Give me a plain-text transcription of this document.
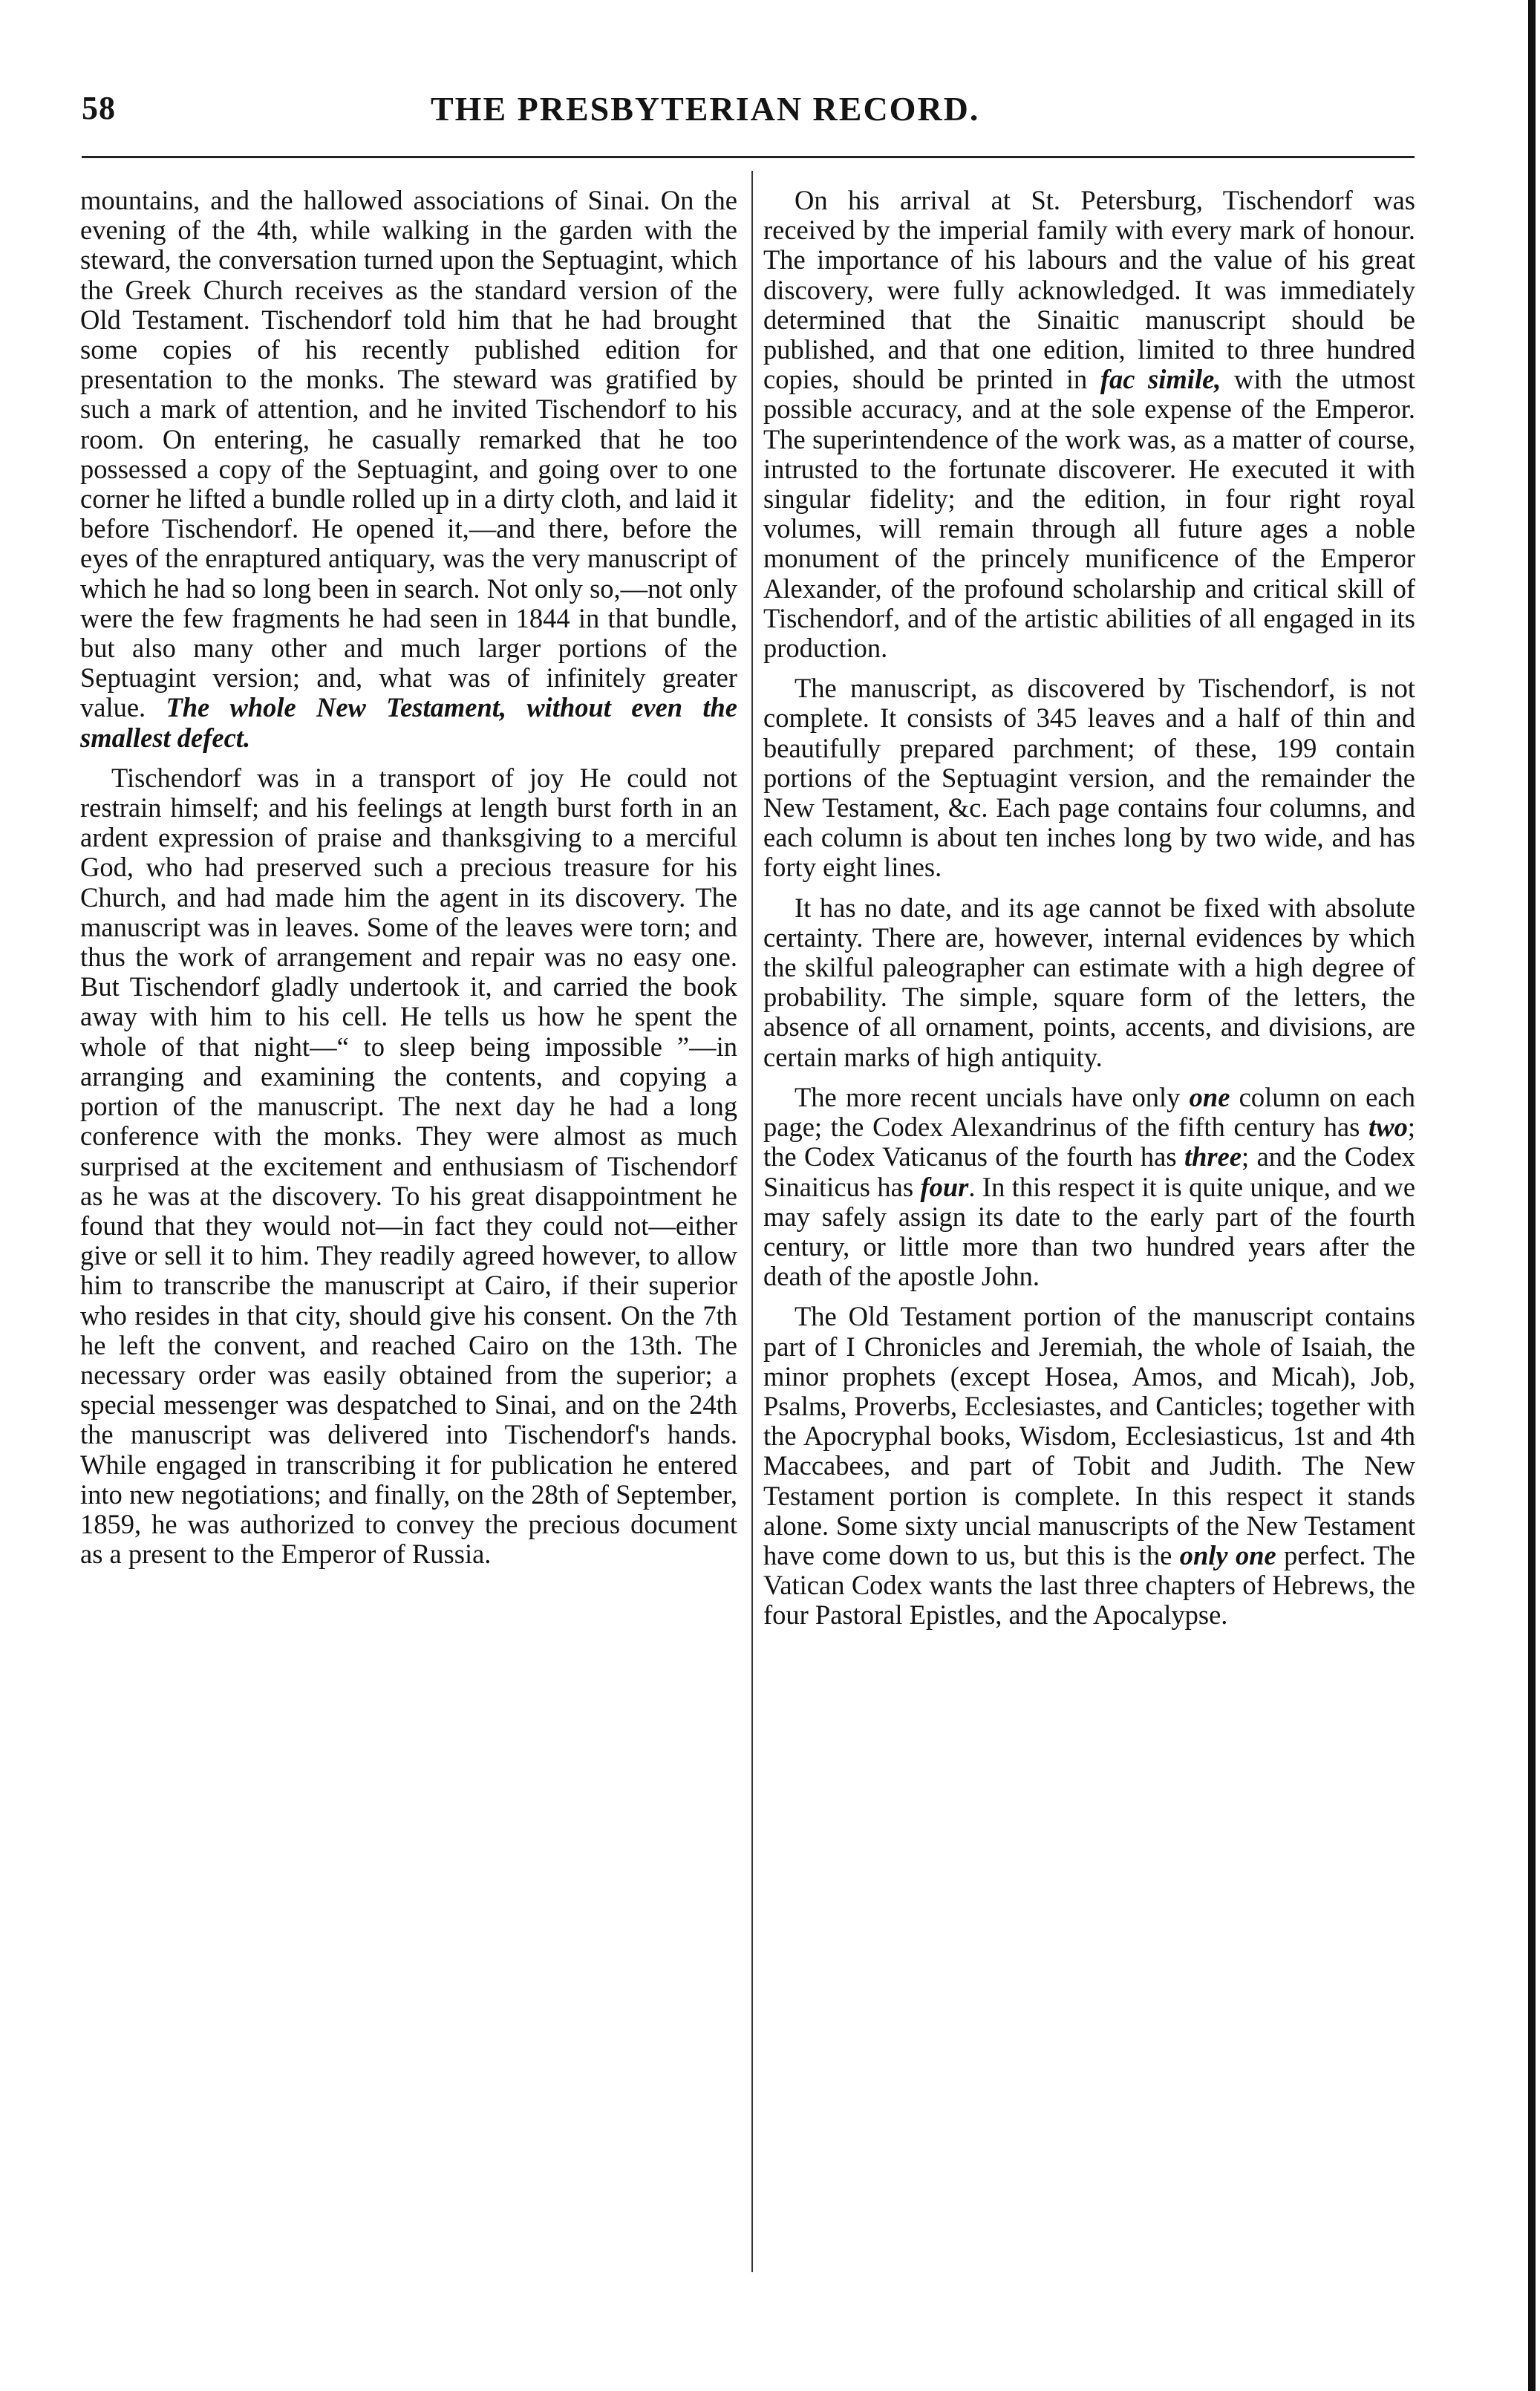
58	THE PRESBYTERIAN RECORD.

mountains, and the hallowed associations of Sinai. On the evening of the 4th, while walking in the garden with the steward, the conversation turned upon the Septuagint, which the Greek Church receives as the standard version of the Old Testament. Tischendorf told him that he had brought some copies of his recently published edition for presentation to the monks. The steward was gratified by such a mark of attention, and he invited Tischendorf to his room. On entering, he casually remarked that he too possessed a copy of the Septuagint, and going over to one corner he lifted a bundle rolled up in a dirty cloth, and laid it before Tischendorf. He opened it,—and there, before the eyes of the enraptured antiquary, was the very manuscript of which he had so long been in search. Not only so,—not only were the few fragments he had seen in 1844 in that bundle, but also many other and much larger portions of the Septuagint version; and, what was of infinitely greater value. The whole New Testament, without even the smallest defect.

Tischendorf was in a transport of joy He could not restrain himself; and his feelings at length burst forth in an ardent expression of praise and thanksgiving to a merciful God, who had preserved such a precious treasure for his Church, and had made him the agent in its discovery. The manuscript was in leaves. Some of the leaves were torn; and thus the work of arrangement and repair was no easy one. But Tischendorf gladly undertook it, and carried the book away with him to his cell. He tells us how he spent the whole of that night—“ to sleep being impossible ”—in arranging and examining the contents, and copying a portion of the manuscript. The next day he had a long conference with the monks. They were almost as much surprised at the excitement and enthusiasm of Tischendorf as he was at the discovery. To his great disappointment he found that they would not—in fact they could not—either give or sell it to him. They readily agreed however, to allow him to transcribe the manuscript at Cairo, if their superior who resides in that city, should give his consent. On the 7th he left the convent, and reached Cairo on the 13th. The necessary order was easily obtained from the superior; a special messenger was despatched to Sinai, and on the 24th the manuscript was delivered into Tischendorf's hands. While engaged in transcribing it for publication he entered into new negotiations; and finally, on the 28th of September, 1859, he was authorized to convey the precious document as a present to the Emperor of Russia.

On his arrival at St. Petersburg, Tischendorf was received by the imperial family with every mark of honour. The importance of his labours and the value of his great discovery, were fully acknowledged. It was immediately determined that the Sinaitic manuscript should be published, and that one edition, limited to three hundred copies, should be printed in fac simile, with the utmost possible accuracy, and at the sole expense of the Emperor. The superintendence of the work was, as a matter of course, intrusted to the fortunate discoverer. He executed it with singular fidelity; and the edition, in four right royal volumes, will remain through all future ages a noble monument of the princely munificence of the Emperor Alexander, of the profound scholarship and critical skill of Tischendorf, and of the artistic abilities of all engaged in its production.

The manuscript, as discovered by Tischendorf, is not complete. It consists of 345 leaves and a half of thin and beautifully prepared parchment; of these, 199 contain portions of the Septuagint version, and the remainder the New Testament, &c. Each page contains four columns, and each column is about ten inches long by two wide, and has forty eight lines.

It has no date, and its age cannot be fixed with absolute certainty. There are, however, internal evidences by which the skilful paleographer can estimate with a high degree of probability. The simple, square form of the letters, the absence of all ornament, points, accents, and divisions, are certain marks of high antiquity.

The more recent uncials have only one column on each page; the Codex Alexandrinus of the fifth century has two; the Codex Vaticanus of the fourth has three; and the Codex Sinaiticus has four. In this respect it is quite unique, and we may safely assign its date to the early part of the fourth century, or little more than two hundred years after the death of the apostle John.

The Old Testament portion of the manuscript contains part of I Chronicles and Jeremiah, the whole of Isaiah, the minor prophets (except Hosea, Amos, and Micah), Job, Psalms, Proverbs, Ecclesiastes, and Canticles; together with the Apocryphal books, Wisdom, Ecclesiasticus, 1st and 4th Maccabees, and part of Tobit and Judith. The New Testament portion is complete. In this respect it stands alone. Some sixty uncial manuscripts of the New Testament have come down to us, but this is the only one perfect. The Vatican Codex wants the last three chapters of Hebrews, the four Pastoral Epistles, and the Apocalypse.
